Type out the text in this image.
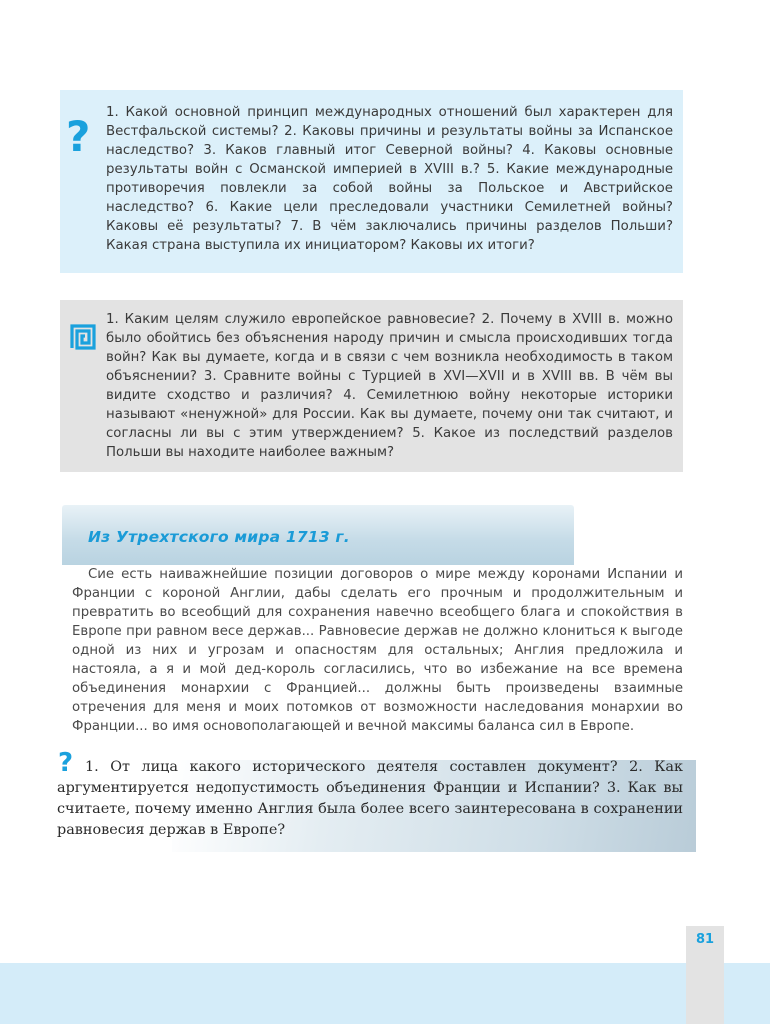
? 1. Какой основной принцип международных отношений был характерен для Вестфальской системы? 2. Каковы причины и результаты войны за Испанское наследство? 3. Каков главный итог Северной войны? 4. Каковы основные результаты войн с Османской империей в XVIII в.? 5. Какие международные противоречия повлекли за собой войны за Польское и Австрийское наследство? 6. Какие цели преследовали участники Семилетней войны? Каковы её результаты? 7. В чём заключались причины разделов Польши? Какая страна выступила их инициатором? Каковы их итоги?

1. Каким целям служило европейское равновесие? 2. Почему в XVIII в. можно было обойтись без объяснения народу причин и смысла происходивших тогда войн? Как вы думаете, когда и в связи с чем возникла необходимость в таком объяснении? 3. Сравните войны с Турцией в XVI—XVII и в XVIII вв. В чём вы видите сходство и различия? 4. Семилетнюю войну некоторые историки называют «ненужной» для России. Как вы думаете, почему они так считают, и согласны ли вы с этим утверждением? 5. Какое из последствий разделов Польши вы находите наиболее важным?

Из Утрехтского мира 1713 г.

Сие есть наиважнейшие позиции договоров о мире между коронами Испании и Франции с короной Англии, дабы сделать его прочным и продолжительным и превратить во всеобщий для сохранения навечно всеобщего блага и спокойствия в Европе при равном весе держав... Равновесие держав не должно клониться к выгоде одной из них и угрозам и опасностям для остальных; Англия предложила и настояла, а я и мой дед-король согласились, что во избежание на все времена объединения монархии с Францией... должны быть произведены взаимные отречения для меня и моих потомков от возможности наследования монархии во Франции... во имя основополагающей и вечной максимы баланса сил в Европе.

? 1. От лица какого исторического деятеля составлен документ? 2. Как аргументируется недопустимость объединения Франции и Испании? 3. Как вы считаете, почему именно Англия была более всего заинтересована в сохранении равновесия держав в Европе?

81
